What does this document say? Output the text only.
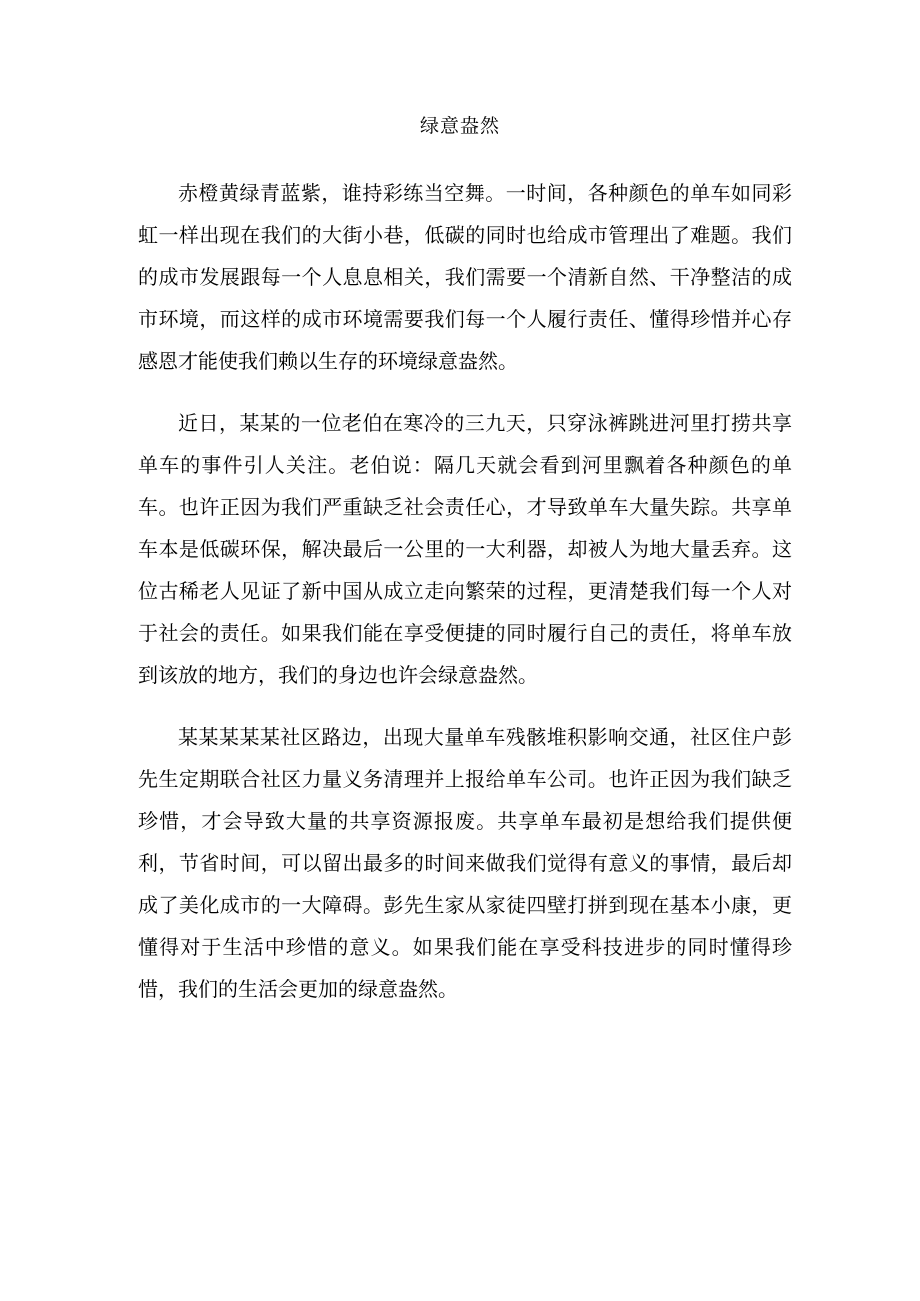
绿意盎然

赤橙黄绿青蓝紫，谁持彩练当空舞。一时间，各种颜色的单车如同彩虹一样出现在我们的大街小巷，低碳的同时也给成市管理出了难题。我们的成市发展跟每一个人息息相关，我们需要一个清新自然、干净整洁的成市环境，而这样的成市环境需要我们每一个人履行责任、懂得珍惜并心存感恩才能使我们赖以生存的环境绿意盎然。

近日，某某的一位老伯在寒冷的三九天，只穿泳裤跳进河里打捞共享单车的事件引人关注。老伯说：隔几天就会看到河里飘着各种颜色的单车。也许正因为我们严重缺乏社会责任心，才导致单车大量失踪。共享单车本是低碳环保，解决最后一公里的一大利器，却被人为地大量丢弃。这位古稀老人见证了新中国从成立走向繁荣的过程，更清楚我们每一个人对于社会的责任。如果我们能在享受便捷的同时履行自己的责任，将单车放到该放的地方，我们的身边也许会绿意盎然。

某某某某某社区路边，出现大量单车残骸堆积影响交通，社区住户彭先生定期联合社区力量义务清理并上报给单车公司。也许正因为我们缺乏珍惜，才会导致大量的共享资源报废。共享单车最初是想给我们提供便利，节省时间，可以留出最多的时间来做我们觉得有意义的事情，最后却成了美化成市的一大障碍。彭先生家从家徒四壁打拼到现在基本小康，更懂得对于生活中珍惜的意义。如果我们能在享受科技进步的同时懂得珍惜，我们的生活会更加的绿意盎然。
